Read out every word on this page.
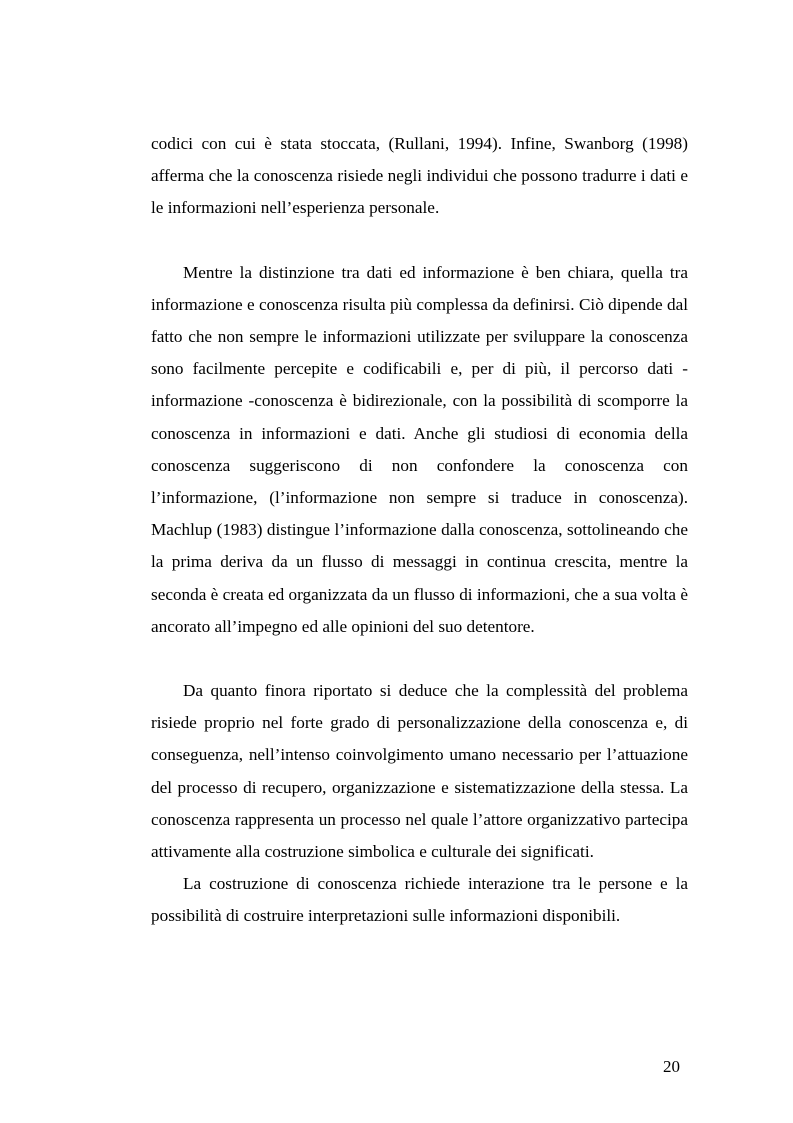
codici con cui è stata stoccata, (Rullani, 1994). Infine, Swanborg (1998) afferma che la conoscenza risiede negli individui che possono tradurre i dati e le informazioni nell’esperienza personale.

Mentre la distinzione tra dati ed informazione è ben chiara, quella tra informazione e conoscenza risulta più complessa da definirsi. Ciò dipende dal fatto che non sempre le informazioni utilizzate per sviluppare la conoscenza sono facilmente percepite e codificabili e, per di più, il percorso dati -informazione -conoscenza è bidirezionale, con la possibilità di scomporre la conoscenza in informazioni e dati. Anche gli studiosi di economia della conoscenza suggeriscono di non confondere la conoscenza con l’informazione, (l’informazione non sempre si traduce in conoscenza). Machlup (1983) distingue l’informazione dalla conoscenza, sottolineando che la prima deriva da un flusso di messaggi in continua crescita, mentre la seconda è creata ed organizzata da un flusso di informazioni, che a sua volta è ancorato all’impegno ed alle opinioni del suo detentore.

Da quanto finora riportato si deduce che la complessità del problema risiede proprio nel forte grado di personalizzazione della conoscenza e, di conseguenza, nell’intenso coinvolgimento umano necessario per l’attuazione del processo di recupero, organizzazione e sistematizzazione della stessa. La conoscenza rappresenta un processo nel quale l’attore organizzativo partecipa attivamente alla costruzione simbolica e culturale dei significati.

La costruzione di conoscenza richiede interazione tra le persone e la possibilità di costruire interpretazioni sulle informazioni disponibili.

20
